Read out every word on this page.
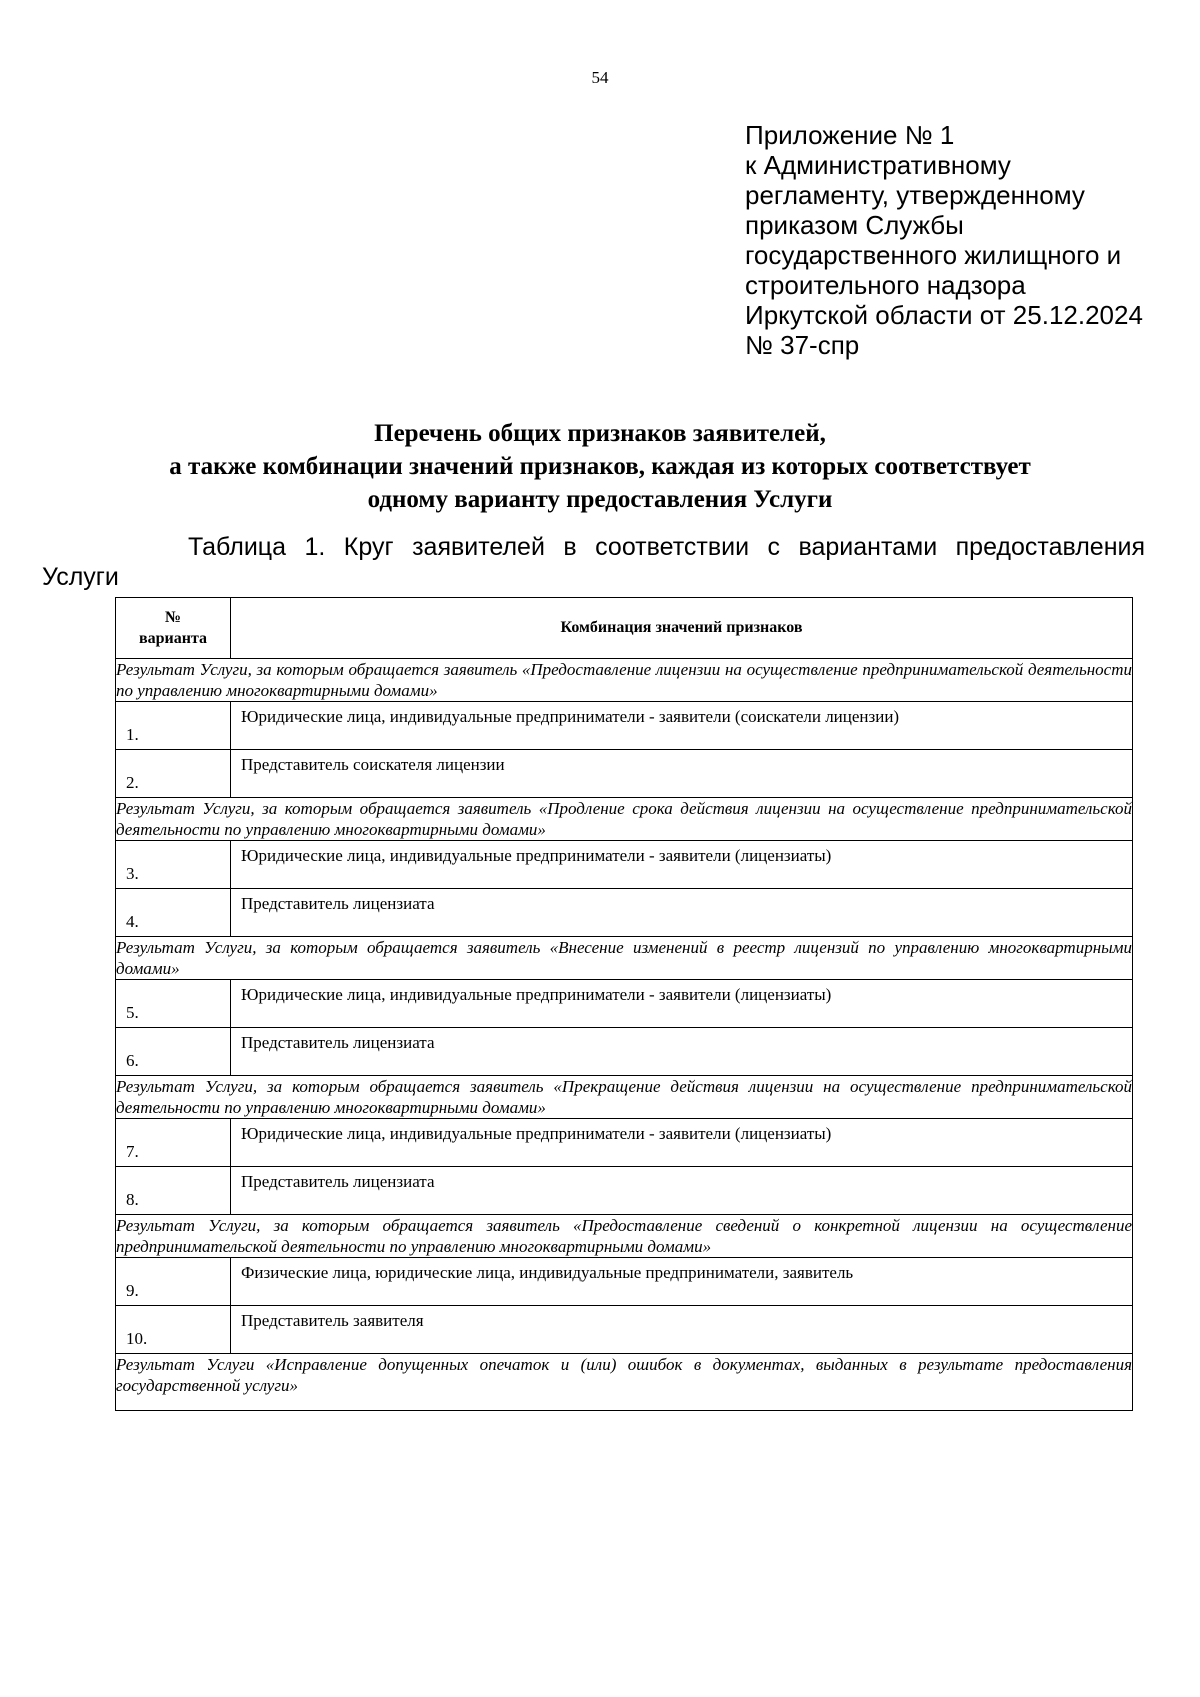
54
Приложение № 1
к Административному
регламенту, утвержденному
приказом Службы
государственного жилищного и
строительного надзора
Иркутской области от 25.12.2024
№ 37-спр
Перечень общих признаков заявителей,
а также комбинации значений признаков, каждая из которых соответствует
одному варианту предоставления Услуги
Таблица 1. Круг заявителей в соответствии с вариантами предоставления
Услуги
№
варианта	Комбинация значений признаков
Результат Услуги, за которым обращается заявитель «Предоставление лицензии на осуществление предпринимательской деятельности по управлению многоквартирными домами»	
1.	Юридические лица, индивидуальные предприниматели - заявители (соискатели лицензии)
2.	Представитель соискателя лицензии
Результат Услуги, за которым обращается заявитель «Продление срока действия лицензии на осуществление предпринимательской деятельности по управлению многоквартирными домами»	
3.	Юридические лица, индивидуальные предприниматели - заявители (лицензиаты)
4.	Представитель лицензиата
Результат Услуги, за которым обращается заявитель «Внесение изменений в реестр лицензий по управлению многоквартирными домами»	
5.	Юридические лица, индивидуальные предприниматели - заявители (лицензиаты)
6.	Представитель лицензиата
Результат Услуги, за которым обращается заявитель «Прекращение действия лицензии на осуществление предпринимательской деятельности по управлению многоквартирными домами»	
7.	Юридические лица, индивидуальные предприниматели - заявители (лицензиаты)
8.	Представитель лицензиата
Результат Услуги, за которым обращается заявитель «Предоставление сведений о конкретной лицензии на осуществление предпринимательской деятельности по управлению многоквартирными домами»	
9.	Физические лица, юридические лица, индивидуальные предприниматели, заявитель
10.	Представитель заявителя
Результат Услуги «Исправление допущенных опечаток и (или) ошибок в документах, выданных в результате предоставления государственной услуги»	
